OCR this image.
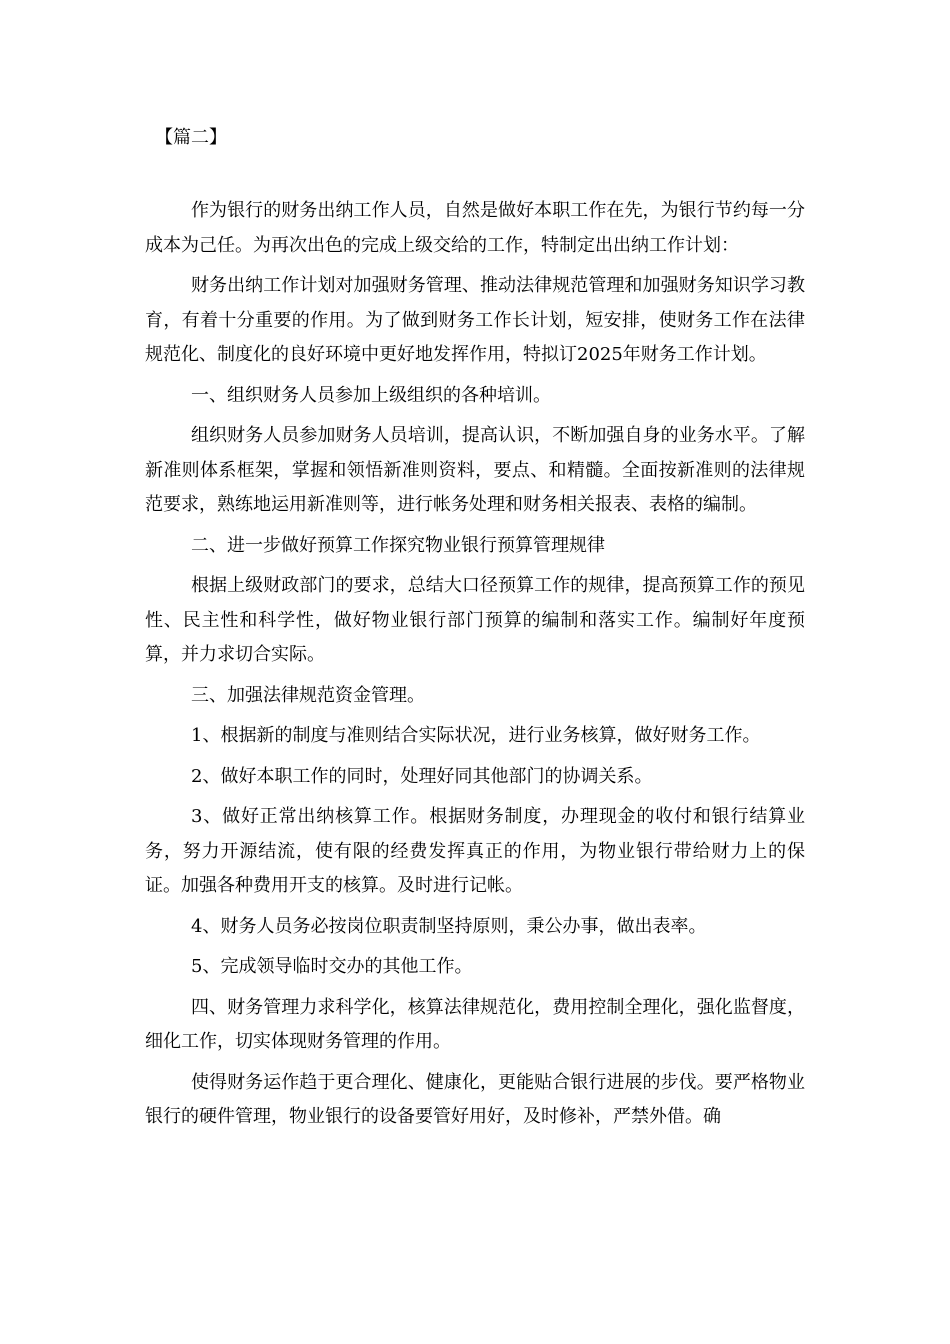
【篇二】

作为银行的财务出纳工作人员，自然是做好本职工作在先，为银行节约每一分成本为己任。为再次出色的完成上级交给的工作，特制定出出纳工作计划：

财务出纳工作计划对加强财务管理、推动法律规范管理和加强财务知识学习教育，有着十分重要的作用。为了做到财务工作长计划，短安排，使财务工作在法律规范化、制度化的良好环境中更好地发挥作用，特拟订2025年财务工作计划。

一、组织财务人员参加上级组织的各种培训。

组织财务人员参加财务人员培训，提高认识，不断加强自身的业务水平。了解新准则体系框架，掌握和领悟新准则资料，要点、和精髓。全面按新准则的法律规范要求，熟练地运用新准则等，进行帐务处理和财务相关报表、表格的编制。

二、进一步做好预算工作探究物业银行预算管理规律

根据上级财政部门的要求，总结大口径预算工作的规律，提高预算工作的预见性、民主性和科学性，做好物业银行部门预算的编制和落实工作。编制好年度预算，并力求切合实际。

三、加强法律规范资金管理。

1、根据新的制度与准则结合实际状况，进行业务核算，做好财务工作。

2、做好本职工作的同时，处理好同其他部门的协调关系。

3、做好正常出纳核算工作。根据财务制度，办理现金的收付和银行结算业务，努力开源结流，使有限的经费发挥真正的作用，为物业银行带给财力上的保证。加强各种费用开支的核算。及时进行记帐。

4、财务人员务必按岗位职责制坚持原则，秉公办事，做出表率。

5、完成领导临时交办的其他工作。

四、财务管理力求科学化，核算法律规范化，费用控制全理化，强化监督度，细化工作，切实体现财务管理的作用。

使得财务运作趋于更合理化、健康化，更能贴合银行进展的步伐。要严格物业银行的硬件管理，物业银行的设备要管好用好，及时修补，严禁外借。确
